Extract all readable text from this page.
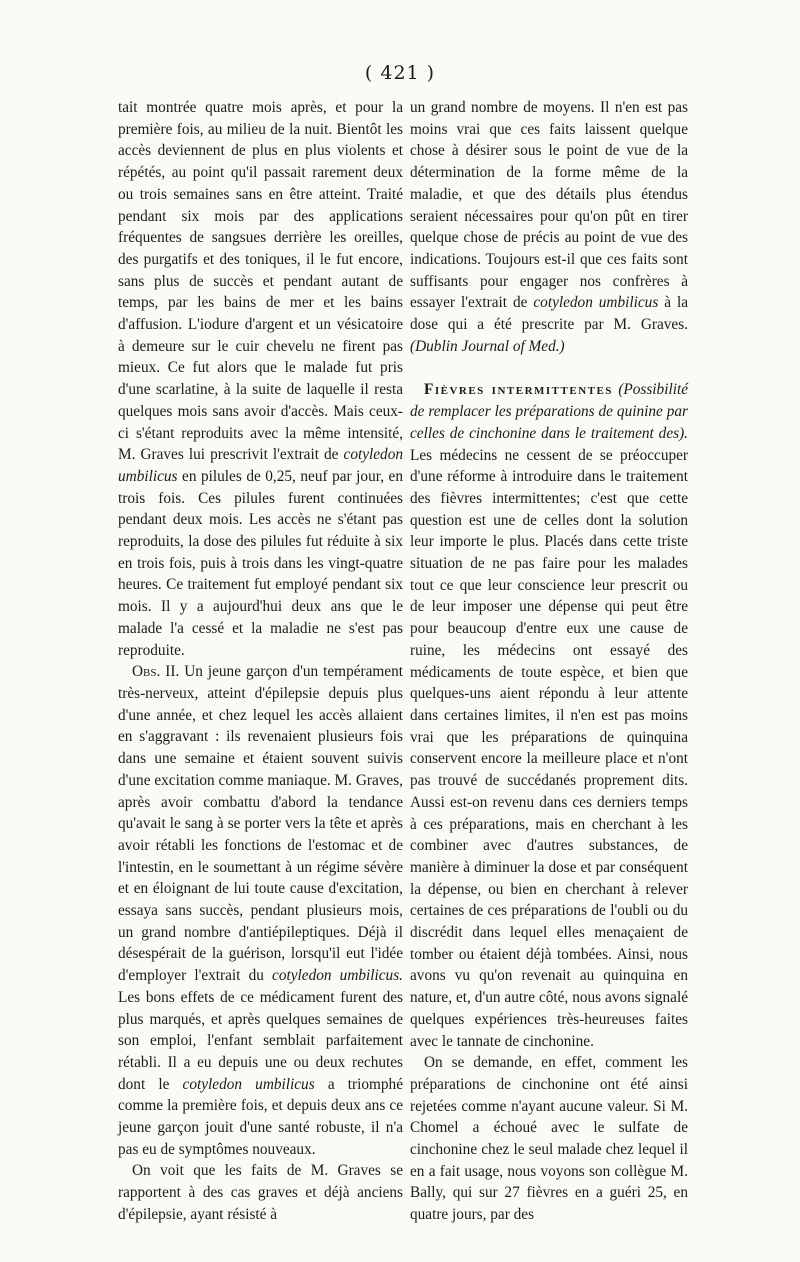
( 421 )

tait montrée quatre mois après, et pour la première fois, au milieu de la nuit. Bientôt les accès deviennent de plus en plus violents et répétés, au point qu'il passait rarement deux ou trois semaines sans en être atteint. Traité pendant six mois par des applications fréquentes de sangsues derrière les oreilles, des purgatifs et des toniques, il le fut encore, sans plus de succès et pendant autant de temps, par les bains de mer et les bains d'affusion. L'iodure d'argent et un vésicatoire à demeure sur le cuir chevelu ne firent pas mieux. Ce fut alors que le malade fut pris d'une scarlatine, à la suite de laquelle il resta quelques mois sans avoir d'accès. Mais ceux-ci s'étant reproduits avec la même intensité, M. Graves lui prescrivit l'extrait de cotyledon umbilicus en pilules de 0,25, neuf par jour, en trois fois. Ces pilules furent continuées pendant deux mois. Les accès ne s'étant pas reproduits, la dose des pilules fut réduite à six en trois fois, puis à trois dans les vingt-quatre heures. Ce traitement fut employé pendant six mois. Il y a aujourd'hui deux ans que le malade l'a cessé et la maladie ne s'est pas reproduite.

Obs. II. Un jeune garçon d'un tempérament très-nerveux, atteint d'épilepsie depuis plus d'une année, et chez lequel les accès allaient en s'aggravant : ils revenaient plusieurs fois dans une semaine et étaient souvent suivis d'une excitation comme maniaque. M. Graves, après avoir combattu d'abord la tendance qu'avait le sang à se porter vers la tête et après avoir rétabli les fonctions de l'estomac et de l'intestin, en le soumettant à un régime sévère et en éloignant de lui toute cause d'excitation, essaya sans succès, pendant plusieurs mois, un grand nombre d'antiépileptiques. Déjà il désespérait de la guérison, lorsqu'il eut l'idée d'employer l'extrait du cotyledon umbilicus. Les bons effets de ce médicament furent des plus marqués, et après quelques semaines de son emploi, l'enfant semblait parfaitement rétabli. Il a eu depuis une ou deux rechutes dont le cotyledon umbilicus a triomphé comme la première fois, et depuis deux ans ce jeune garçon jouit d'une santé robuste, il n'a pas eu de symptômes nouveaux.

On voit que les faits de M. Graves se rapportent à des cas graves et déjà anciens d'épilepsie, ayant résisté à

un grand nombre de moyens. Il n'en est pas moins vrai que ces faits laissent quelque chose à désirer sous le point de vue de la détermination de la forme même de la maladie, et que des détails plus étendus seraient nécessaires pour qu'on pût en tirer quelque chose de précis au point de vue des indications. Toujours est-il que ces faits sont suffisants pour engager nos confrères à essayer l'extrait de cotyledon umbilicus à la dose qui a été prescrite par M. Graves. (Dublin Journal of Med.)

Fièvres intermittentes (Possibilité de remplacer les préparations de quinine par celles de cinchonine dans le traitement des). Les médecins ne cessent de se préoccuper d'une réforme à introduire dans le traitement des fièvres intermittentes; c'est que cette question est une de celles dont la solution leur importe le plus. Placés dans cette triste situation de ne pas faire pour les malades tout ce que leur conscience leur prescrit ou de leur imposer une dépense qui peut être pour beaucoup d'entre eux une cause de ruine, les médecins ont essayé des médicaments de toute espèce, et bien que quelques-uns aient répondu à leur attente dans certaines limites, il n'en est pas moins vrai que les préparations de quinquina conservent encore la meilleure place et n'ont pas trouvé de succédanés proprement dits. Aussi est-on revenu dans ces derniers temps à ces préparations, mais en cherchant à les combiner avec d'autres substances, de manière à diminuer la dose et par conséquent la dépense, ou bien en cherchant à relever certaines de ces préparations de l'oubli ou du discrédit dans lequel elles menaçaient de tomber ou étaient déjà tombées. Ainsi, nous avons vu qu'on revenait au quinquina en nature, et, d'un autre côté, nous avons signalé quelques expériences très-heureuses faites avec le tannate de cinchonine.

On se demande, en effet, comment les préparations de cinchonine ont été ainsi rejetées comme n'ayant aucune valeur. Si M. Chomel a échoué avec le sulfate de cinchonine chez le seul malade chez lequel il en a fait usage, nous voyons son collègue M. Bally, qui sur 27 fièvres en a guéri 25, en quatre jours, par des
